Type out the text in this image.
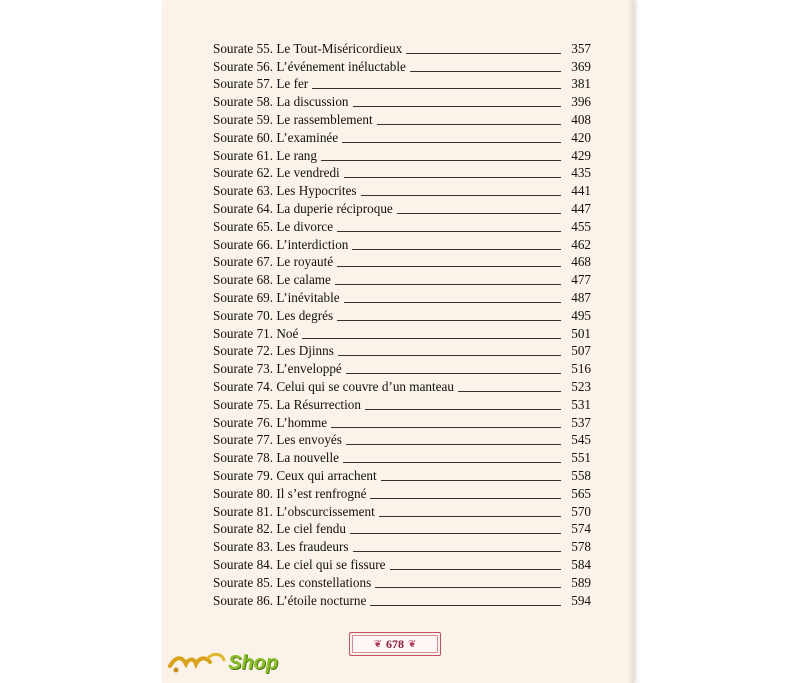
Sourate 55. Le Tout-Miséricordieux	357
Sourate 56. L’événement inéluctable	369
Sourate 57. Le fer	381
Sourate 58. La discussion	396
Sourate 59. Le rassemblement	408
Sourate 60. L’examinée	420
Sourate 61. Le rang	429
Sourate 62. Le vendredi	435
Sourate 63. Les Hypocrites	441
Sourate 64. La duperie réciproque	447
Sourate 65. Le divorce	455
Sourate 66. L’interdiction	462
Sourate 67. Le royauté	468
Sourate 68. Le calame	477
Sourate 69. L’inévitable	487
Sourate 70. Les degrés	495
Sourate 71. Noé	501
Sourate 72. Les Djinns	507
Sourate 73. L’enveloppé	516
Sourate 74. Celui qui se couvre d’un manteau	523
Sourate 75. La Résurrection	531
Sourate 76. L’homme	537
Sourate 77. Les envoyés	545
Sourate 78. La nouvelle	551
Sourate 79. Ceux qui arrachent	558
Sourate 80. Il s’est renfrogné	565
Sourate 81. L’obscurcissement	570
Sourate 82. Le ciel fendu	574
Sourate 83. Les fraudeurs	578
Sourate 84. Le ciel qui se fissure	584
Sourate 85. Les constellations	589
Sourate 86. L’étoile nocturne	594
❦ 678 ❦
Shop
